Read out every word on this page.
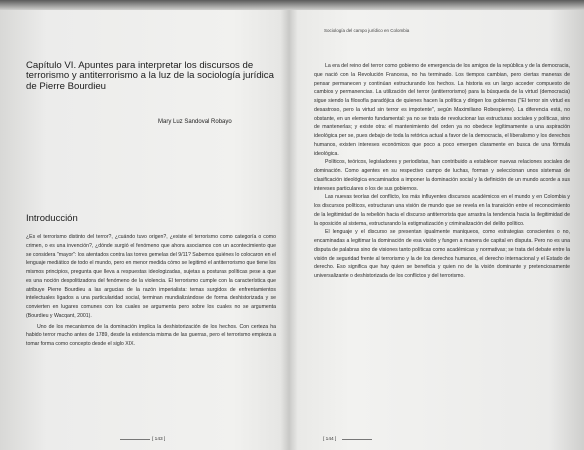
Capítulo VI. Apuntes para interpretar los discursos de terrorismo y antiterrorismo a la luz de la sociología jurídica de Pierre Bourdieu
Mary Luz Sandoval Robayo
Introducción

¿Es el terrorismo distinto del terror?, ¿cuándo tuvo origen?, ¿existe el terrorismo como categoría o como crimen, o es una invención?, ¿dónde surgió el fenómeno que ahora asociamos con un acontecimiento que se considera "mayor": los atentados contra las torres gemelas del 9/11? Sabemos quiénes lo colocaron en el lenguaje mediático de todo el mundo, pero en menor medida cómo se legitimó el antiterrorismo que tiene los mismos principios, pregunta que lleva a respuestas ideologizadas, sujetas a posturas políticas pese a que es una noción despolitizadora del fenómeno de la violencia. El terrorismo cumple con la característica que atribuye Pierre Bourdieu a las argucias de la razón imperialista: temas surgidos de enfrentamientos intelectuales ligados a una particularidad social, terminan mundializándose de forma deshistorizada y se convierten en lugares comunes con los cuales se argumenta pero sobre los cuales no se argumenta (Bourdieu y Wacqant, 2001).

Uno de los mecanismos de la dominación implica la deshistorización de los hechos. Con certeza ha habido terror mucho antes de 1789, desde la existencia misma de las guerras, pero el terrorismo empieza a tomar forma como concepto desde el siglo XIX.

[ 143 ]
Sociología del campo jurídico en Colombia

La era del reino del terror como gobierno de emergencia de los amigos de la república y de la democracia, que nació con la Revolución Francesa, no ha terminado. Los tiempos cambian, pero ciertas maneras de pensar permanecen y continúan estructurando los hechos. La historia es un largo acceder compuesto de cambios y permanencias. La utilización del terror (antiterrorismo) para la búsqueda de la virtud (democracia) sigue siendo la filosofía paradójica de quienes hacen la política y dirigen los gobiernos ("El terror sin virtud es desastroso, pero la virtud sin terror es impotente", según Maximiliano Robespierre). La diferencia está, no obstante, en un elemento fundamental: ya no se trata de revolucionar las estructuras sociales y políticas, sino de mantenerlas; y existe otra: el mantenimiento del orden ya no obedece legítimamente a una aspiración ideológica per se, pues debajo de toda la retórica actual a favor de la democracia, el liberalismo y los derechos humanos, existen intereses económicos que poco a poco emergen claramente en busca de una fórmula ideológica.

Políticos, teóricos, legisladores y periodistas, han contribuido a establecer nuevas relaciones sociales de dominación. Como agentes en su respectivo campo de luchas, forman y seleccionan unos sistemas de clasificación ideológica encaminados a imponer la dominación social y la definición de un mundo acorde a sus intereses particulares o los de sus gobiernos.

Las nuevas teorías del conflicto, los más influyentes discursos académicos en el mundo y en Colombia y los discursos políticos, estructuran una visión de mundo que se revela en la transición entre el reconocimiento de la legitimidad de la rebelión hacia el discurso antiterrorista que arrastra la tendencia hacia la ilegitimidad de la oposición al sistema, estructurando la estigmatización y criminalización del delito político.

El lenguaje y el discurso se presentan igualmente maniqueos, como estrategias conscientes o no, encaminadas a legitimar la dominación de esa visión y fungen a manera de capital en disputa. Pero no es una disputa de palabras sino de visiones tanto políticas como académicas y normativas; se trata del debate entre la visión de seguridad frente al terrorismo y la de los derechos humanos, el derecho internacional y el Estado de derecho. Eso significa que hay quien se beneficia y quien no de la visión dominante y pretenciosamente universalizante o deshistorizada de los conflictos y del terrorismo.

[ 144 ]
